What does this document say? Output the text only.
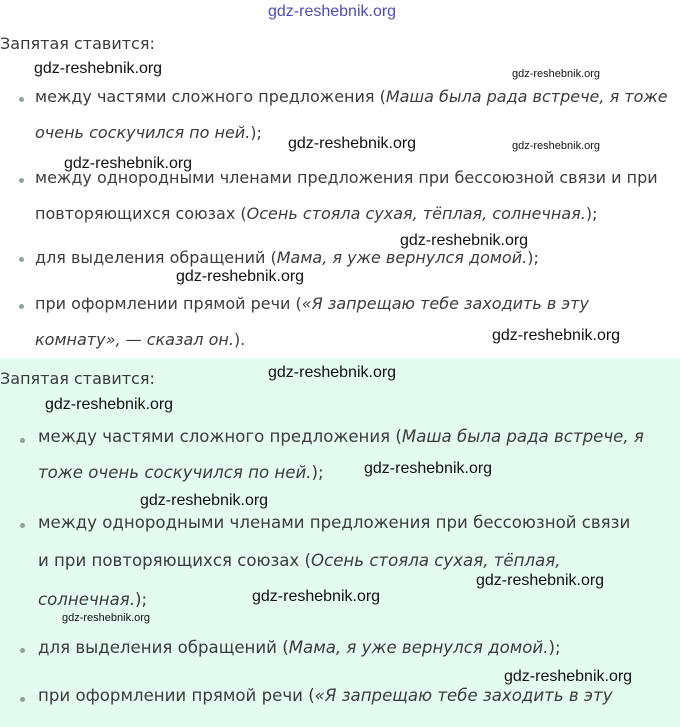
Запятая ставится:
между частями сложного предложения (Маша была рада встрече, я тоже
очень соскучился по ней.);
между однородными членами предложения при бессоюзной связи и при
повторяющихся союзах (Осень стояла сухая, тёплая, солнечная.);
для выделения обращений (Мама, я уже вернулся домой.);
при оформлении прямой речи («Я запрещаю тебе заходить в эту
комнату», — сказал он.).
Запятая ставится:
между частями сложного предложения (Маша была рада встрече, я
тоже очень соскучился по ней.);
между однородными членами предложения при бессоюзной связи
и при повторяющихся союзах (Осень стояла сухая, тёплая,
солнечная.);
для выделения обращений (Мама, я уже вернулся домой.);
при оформлении прямой речи («Я запрещаю тебе заходить в эту
gdz-reshebnik.org
gdz-reshebnik.org	gdz-reshebnik.org
gdz-reshebnik.org	gdz-reshebnik.org
gdz-reshebnik.org
gdz-reshebnik.org
gdz-reshebnik.org
gdz-reshebnik.org
gdz-reshebnik.org
gdz-reshebnik.org
gdz-reshebnik.org
gdz-reshebnik.org
gdz-reshebnik.org
gdz-reshebnik.org
gdz-reshebnik.org
gdz-reshebnik.org
